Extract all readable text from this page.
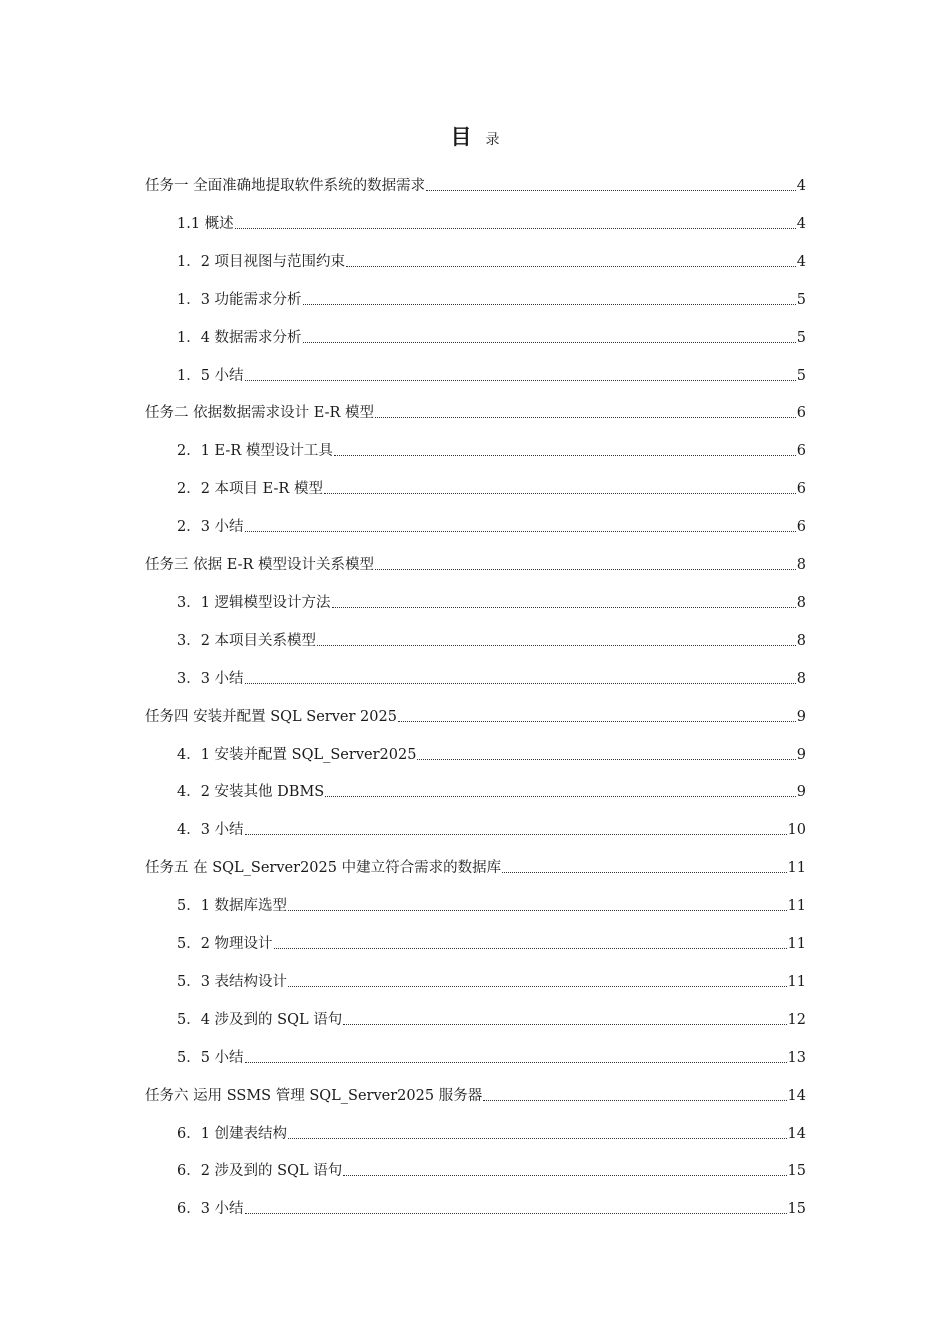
目 录
任务一 全面准确地提取软件系统的数据需求	4
1.1 概述	4
1．2 项目视图与范围约束	4
1．3 功能需求分析	5
1．4 数据需求分析	5
1．5 小结	5
任务二 依据数据需求设计 E-R 模型	6
2．1 E-R 模型设计工具	6
2．2 本项目 E-R 模型	6
2．3 小结	6
任务三 依据 E-R 模型设计关系模型	8
3．1 逻辑模型设计方法	8
3．2 本项目关系模型	8
3．3 小结	8
任务四 安装并配置 SQL Server 2025	9
4．1 安装并配置 SQL_Server2025	9
4．2 安装其他 DBMS	9
4．3 小结	10
任务五 在 SQL_Server2025 中建立符合需求的数据库	11
5．1 数据库选型	11
5．2 物理设计	11
5．3 表结构设计	11
5．4 涉及到的 SQL 语句	12
5．5 小结	13
任务六 运用 SSMS 管理 SQL_Server2025 服务器	14
6．1 创建表结构	14
6．2 涉及到的 SQL 语句	15
6．3 小结	15
